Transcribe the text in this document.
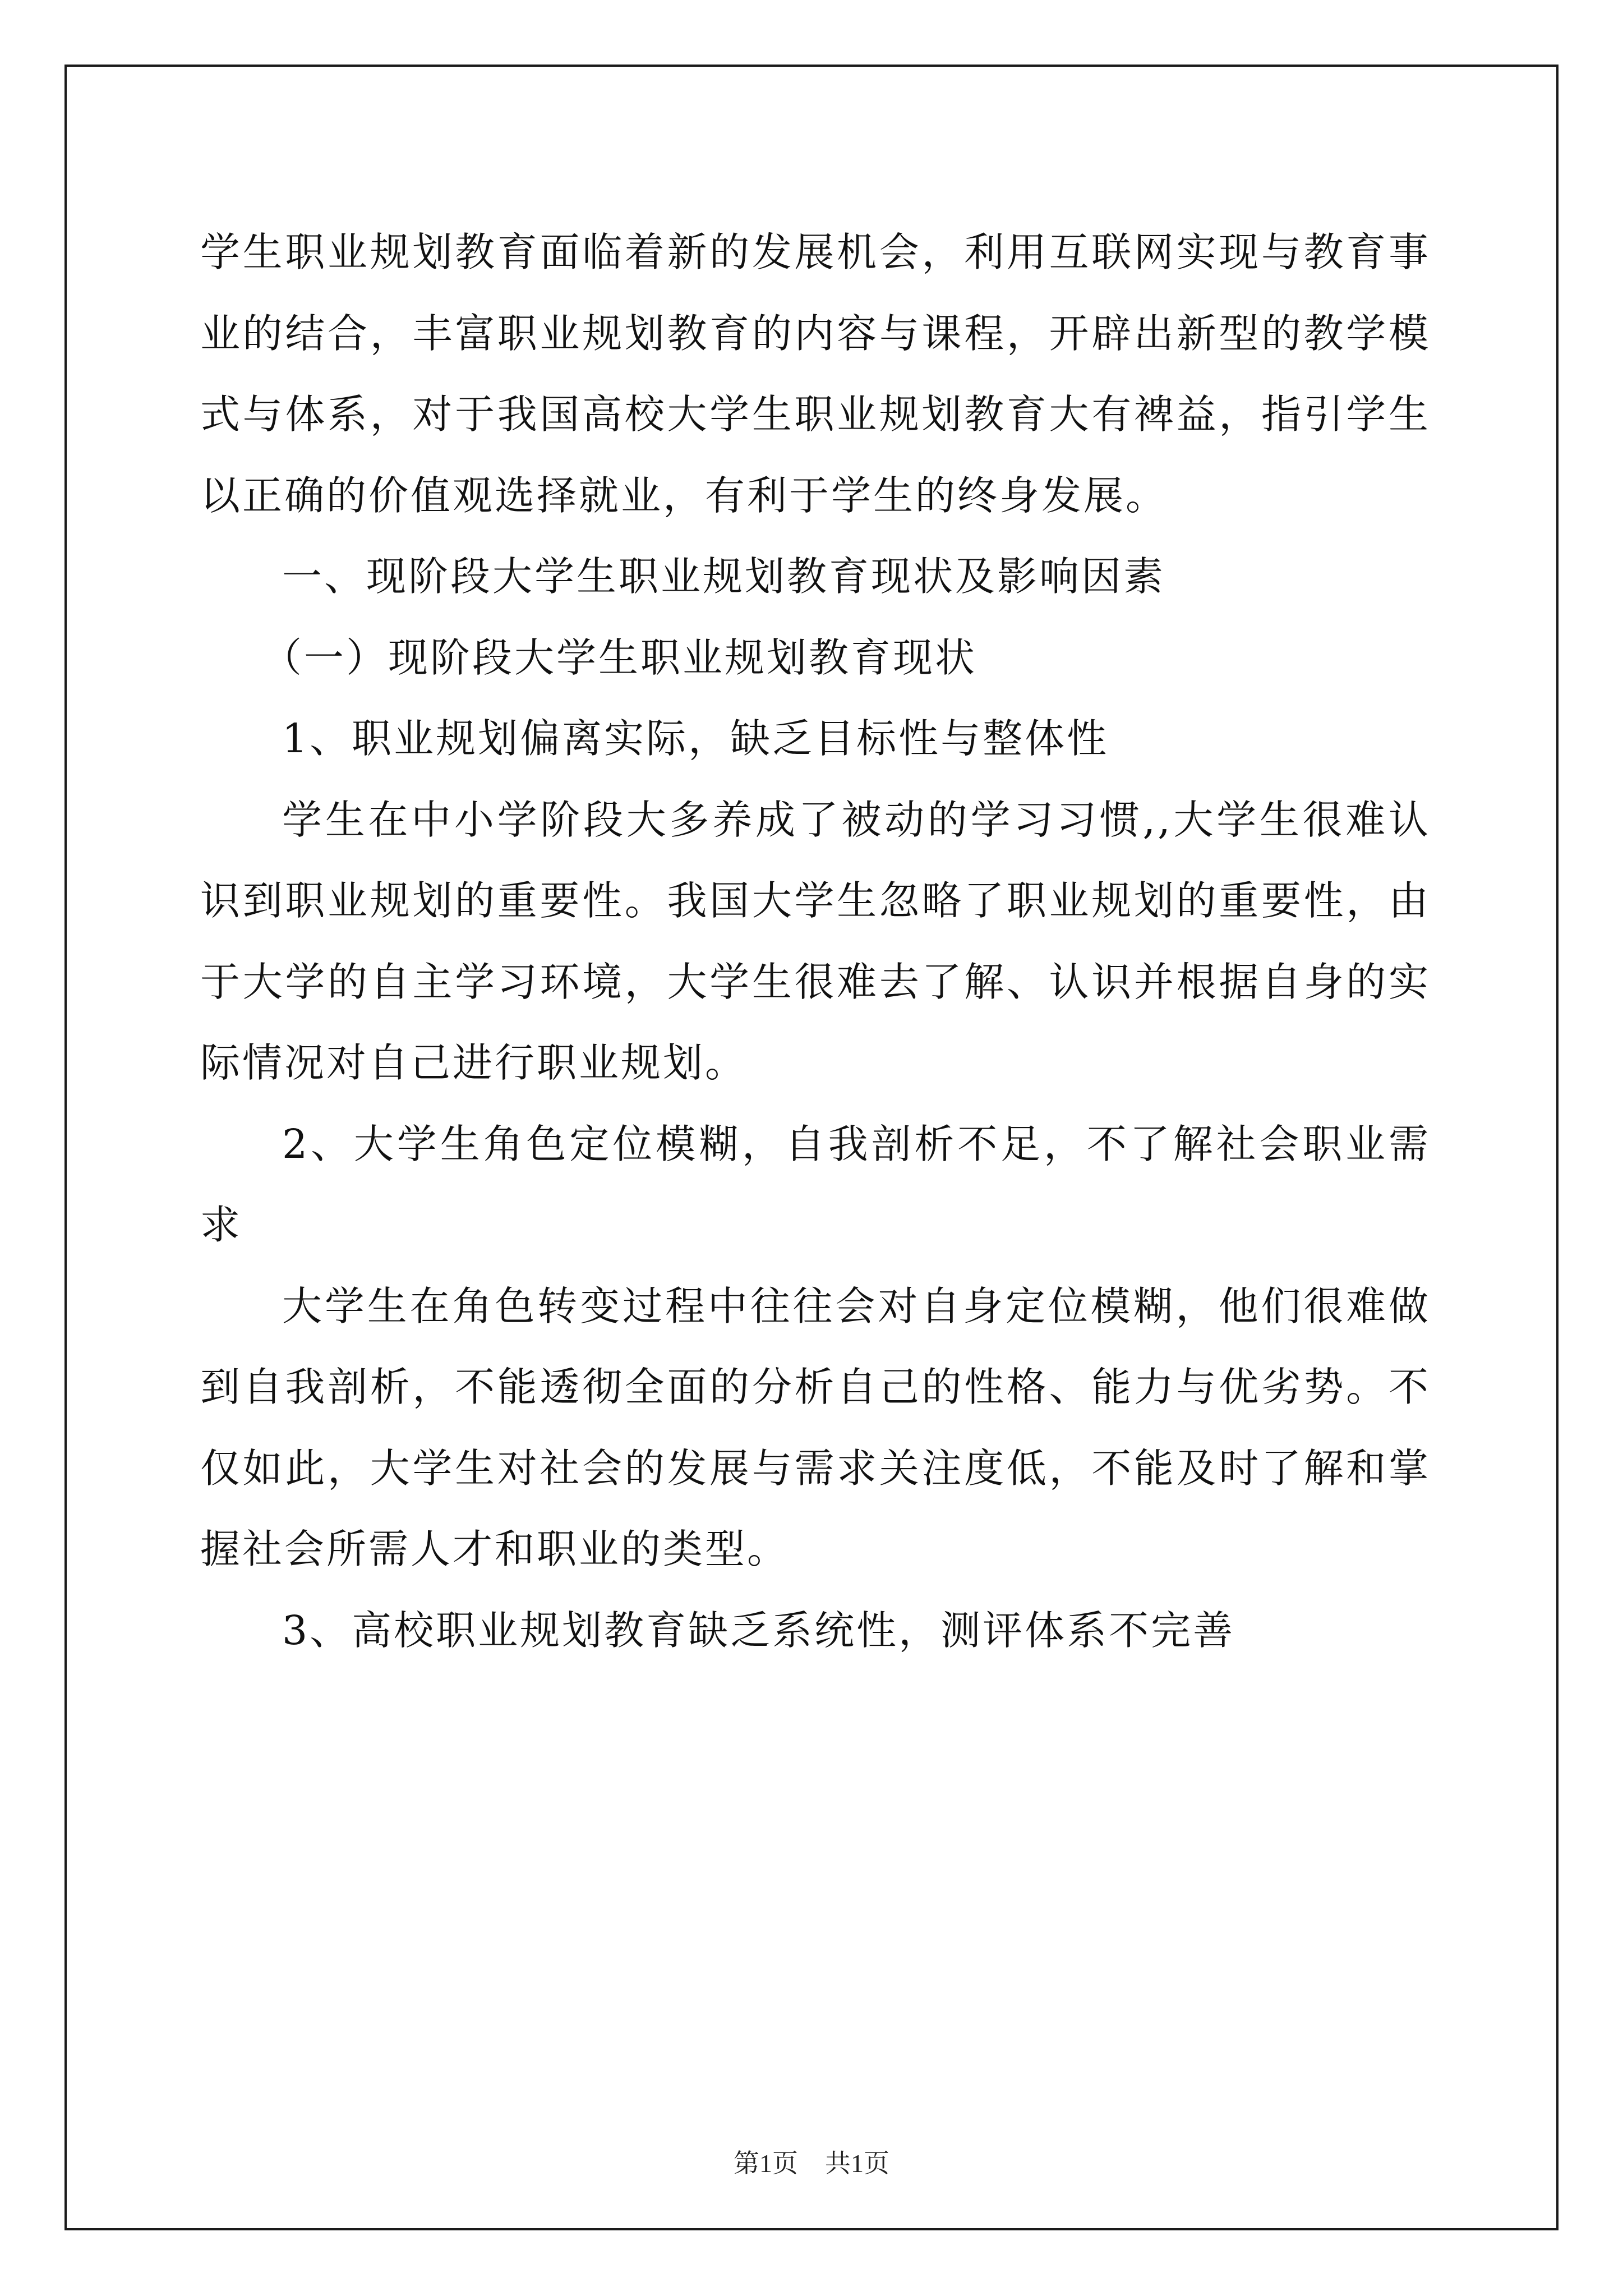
学生职业规划教育面临着新的发展机会，利用互联网实现与教育事业的结合，丰富职业规划教育的内容与课程，开辟出新型的教学模式与体系，对于我国高校大学生职业规划教育大有裨益，指引学生以正确的价值观选择就业，有利于学生的终身发展。

一、现阶段大学生职业规划教育现状及影响因素

（一）现阶段大学生职业规划教育现状

1、职业规划偏离实际，缺乏目标性与整体性

学生在中小学阶段大多养成了被动的学习习惯,,大学生很难认识到职业规划的重要性。我国大学生忽略了职业规划的重要性，由于大学的自主学习环境，大学生很难去了解、认识并根据自身的实际情况对自己进行职业规划。

2、大学生角色定位模糊，自我剖析不足，不了解社会职业需求

大学生在角色转变过程中往往会对自身定位模糊，他们很难做到自我剖析，不能透彻全面的分析自己的性格、能力与优劣势。不仅如此，大学生对社会的发展与需求关注度低，不能及时了解和掌握社会所需人才和职业的类型。

3、高校职业规划教育缺乏系统性，测评体系不完善

第1页 共1页
